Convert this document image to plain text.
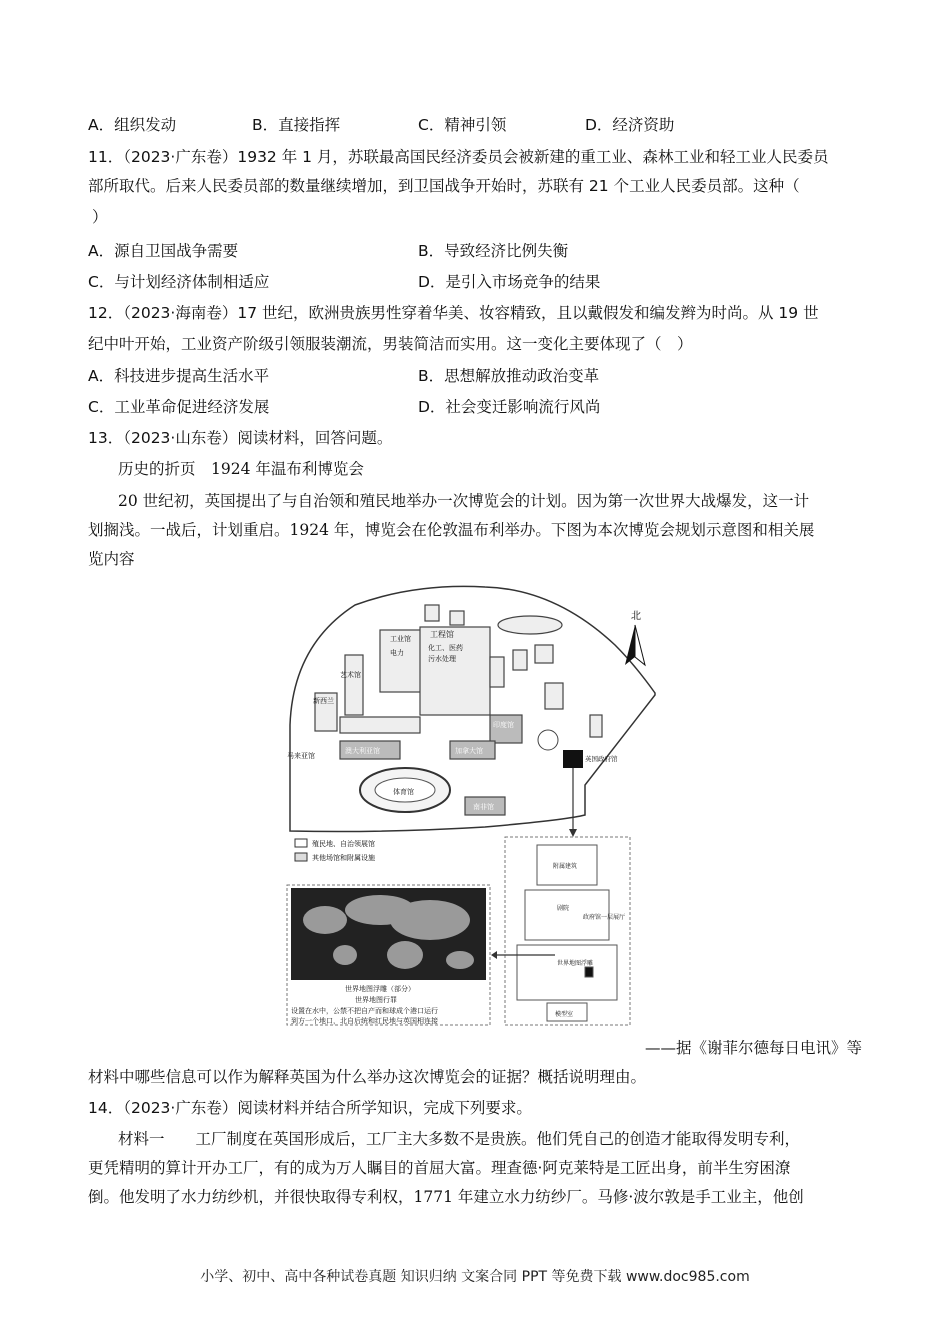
A．组织发动	B．直接指挥	C．精神引领	D．经济资助
11．（2023·广东卷）1932 年 1 月，苏联最高国民经济委员会被新建的重工业、森林工业和轻工业人民委员
部所取代。后来人民委员部的数量继续增加，到卫国战争开始时，苏联有 21 个工业人民委员部。这种（
）
A．源自卫国战争需要	B．导致经济比例失衡
C．与计划经济体制相适应	D．是引入市场竞争的结果
12．（2023·海南卷）17 世纪，欧洲贵族男性穿着华美、妆容精致，且以戴假发和编发辫为时尚。从 19 世
纪中叶开始，工业资产阶级引领服装潮流，男装简洁而实用。这一变化主要体现了（　）
A．科技进步提高生活水平	B．思想解放推动政治变革
C．工业革命促进经济发展	D．社会变迁影响流行风尚
13．（2023·山东卷）阅读材料，回答问题。
历史的折页　1924 年温布利博览会
20 世纪初，英国提出了与自治领和殖民地举办一次博览会的计划。因为第一次世界大战爆发，这一计
划搁浅。一战后，计划重启。1924 年，博览会在伦敦温布利举办。下图为本次博览会规划示意图和相关展
览内容
北
工业馆
电力
工程馆
化工、医药
污水处理
艺术馆
新西兰
马来亚馆
澳大利亚馆	加拿大馆
印度馆
体育馆
南非馆
英国政府馆
殖民地、自治领展馆
其他场馆和附属设施
附属建筑
剧院
政府馆一层展厅
世界地图浮雕
模型室
世界地图浮雕（部分）
世界地图行罪
设置在水中，公禁不把自产而和球成个港口运行
到方一个地口，北自后统和红民地与英国相连接
——据《谢菲尔德每日电讯》等
材料中哪些信息可以作为解释英国为什么举办这次博览会的证据？概括说明理由。
14．（2023·广东卷）阅读材料并结合所学知识，完成下列要求。
材料一　　工厂制度在英国形成后，工厂主大多数不是贵族。他们凭自己的创造才能取得发明专利，
更凭精明的算计开办工厂，有的成为万人瞩目的首屈大富。理查德·阿克莱特是工匠出身，前半生穷困潦
倒。他发明了水力纺纱机，并很快取得专利权，1771 年建立水力纺纱厂。马修·波尔敦是手工业主，他创
小学、初中、高中各种试卷真题 知识归纳 文案合同 PPT 等免费下载 www.doc985.com
